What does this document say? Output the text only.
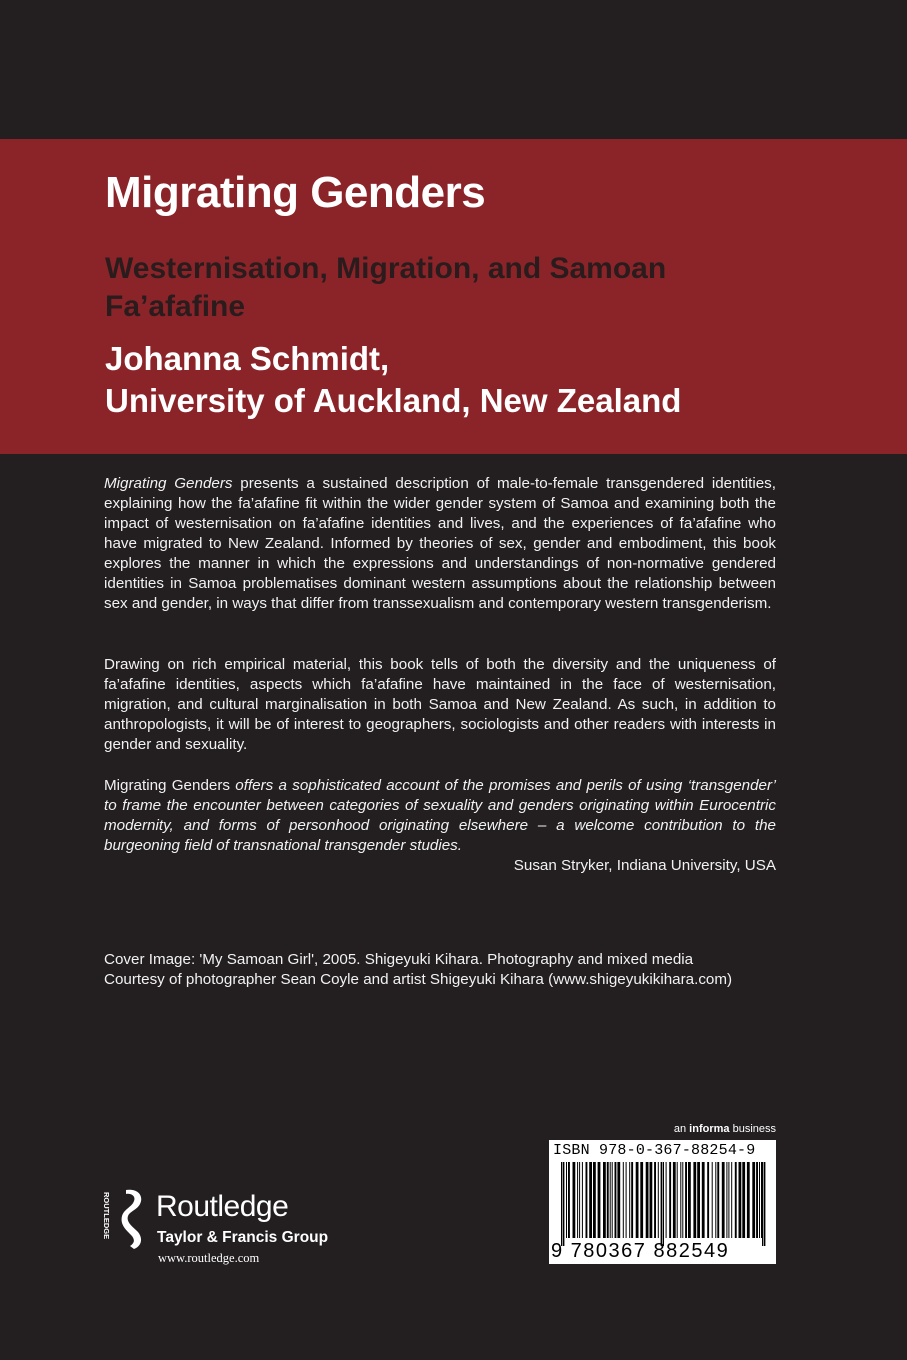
Migrating Genders
Westernisation, Migration, and Samoan Fa’afafine
Johanna Schmidt,
University of Auckland, New Zealand

Migrating Genders presents a sustained description of male-to-female transgendered identities, explaining how the fa’afafine fit within the wider gender system of Samoa and examining both the impact of westernisation on fa’afafine identities and lives, and the experiences of fa’afafine who have migrated to New Zealand. Informed by theories of sex, gender and embodiment, this book explores the manner in which the expressions and understandings of non-normative gendered identities in Samoa problematises dominant western assumptions about the relationship between sex and gender, in ways that differ from transsexualism and contemporary western transgenderism.

Drawing on rich empirical material, this book tells of both the diversity and the uniqueness of fa’afafine identities, aspects which fa’afafine have maintained in the face of westernisation, migration, and cultural marginalisation in both Samoa and New Zealand. As such, in addition to anthropologists, it will be of interest to geographers, sociologists and other readers with interests in gender and sexuality.

Migrating Genders offers a sophisticated account of the promises and perils of using ‘transgender’ to frame the encounter between categories of sexuality and genders originating within Eurocentric modernity, and forms of personhood originating elsewhere – a welcome contribution to the burgeoning field of transnational transgender studies.
Susan Stryker, Indiana University, USA

Cover Image: 'My Samoan Girl', 2005. Shigeyuki Kihara. Photography and mixed media
Courtesy of photographer Sean Coyle and artist Shigeyuki Kihara (www.shigeyukikihara.com)
an informa business
ISBN 978-0-367-88254-9
9 780367 882549
ROUTLEDGE Routledge
Taylor & Francis Group
www.routledge.com
